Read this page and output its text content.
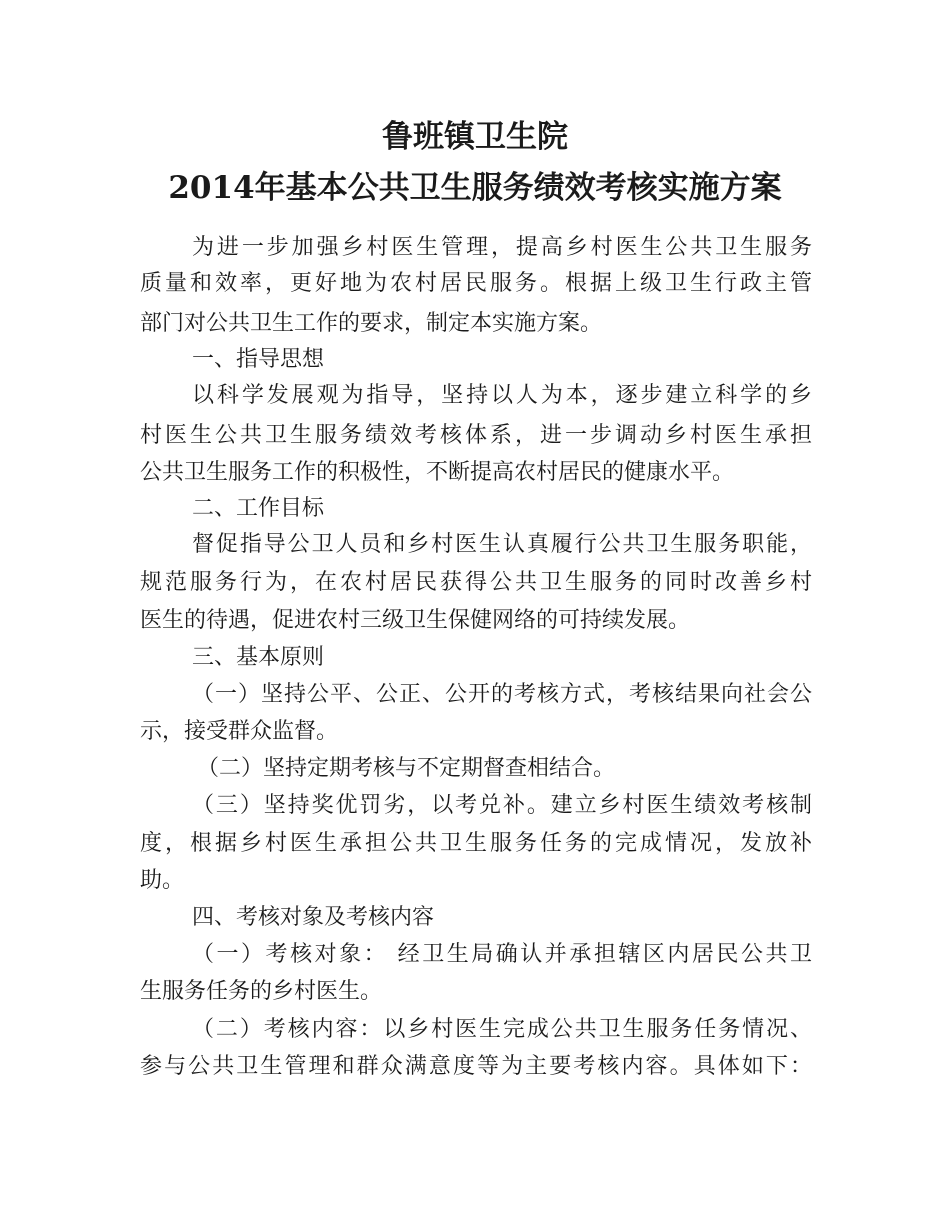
鲁班镇卫生院
2014年基本公共卫生服务绩效考核实施方案
为进一步加强乡村医生管理，提高乡村医生公共卫生服务
质量和效率，更好地为农村居民服务。根据上级卫生行政主管
部门对公共卫生工作的要求，制定本实施方案。
一、指导思想
以科学发展观为指导，坚持以人为本，逐步建立科学的乡
村医生公共卫生服务绩效考核体系，进一步调动乡村医生承担
公共卫生服务工作的积极性，不断提高农村居民的健康水平。
二、工作目标
督促指导公卫人员和乡村医生认真履行公共卫生服务职能，
规范服务行为，在农村居民获得公共卫生服务的同时改善乡村
医生的待遇，促进农村三级卫生保健网络的可持续发展。
三、基本原则
（一）坚持公平、公正、公开的考核方式，考核结果向社会公
示，接受群众监督。
（二）坚持定期考核与不定期督查相结合。
（三）坚持奖优罚劣，以考兑补。建立乡村医生绩效考核制
度，根据乡村医生承担公共卫生服务任务的完成情况，发放补
助。
四、考核对象及考核内容
（一）考核对象： 经卫生局确认并承担辖区内居民公共卫
生服务任务的乡村医生。
（二）考核内容：以乡村医生完成公共卫生服务任务情况、
参与公共卫生管理和群众满意度等为主要考核内容。具体如下：
